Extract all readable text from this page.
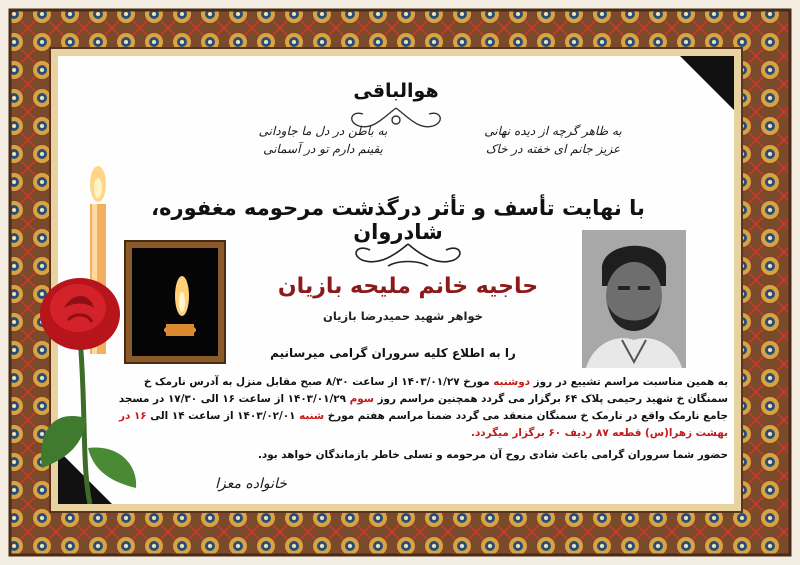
هوالباقی
به ظاهر گرچه از دیده نهانی
عزیز جانم ای خفته در خاک
به باطن در دل ما جاودانی
یقینم دارم تو در آسمانی
با نهایت تأسف و تأثر درگذشت مرحومه مغفوره، شادروان
حاجیه خانم ملیحه بازیان
خواهر شهید حمیدرضا بازیان
را به اطلاع کلیه سروران گرامی میرسانیم
به همین مناسبت مراسم تشییع در روز دوشنبه مورخ ۱۴۰۳/۰۱/۲۷ از ساعت ۸/۳۰ صبح مقابل منزل به آدرس نارمک خ سمنگان خ شهید رحیمی پلاک ۶۴ برگزار می گردد همچنین مراسم روز سوم ۱۴۰۳/۰۱/۲۹ از ساعت ۱۶ الی ۱۷/۳۰ در مسجد جامع نارمک واقع در نارمک خ سمنگان منعقد می گردد ضمنا مراسم هفتم مورخ شنبه ۱۴۰۳/۰۲/۰۱ از ساعت ۱۴ الی ۱۶ در بهشت زهرا(س) قطعه ۸۷ ردیف ۶۰ برگزار میگردد.
حضور شما سروران گرامی باعث شادی روح آن مرحومه و تسلی خاطر بازماندگان خواهد بود.
خانواده معزا
